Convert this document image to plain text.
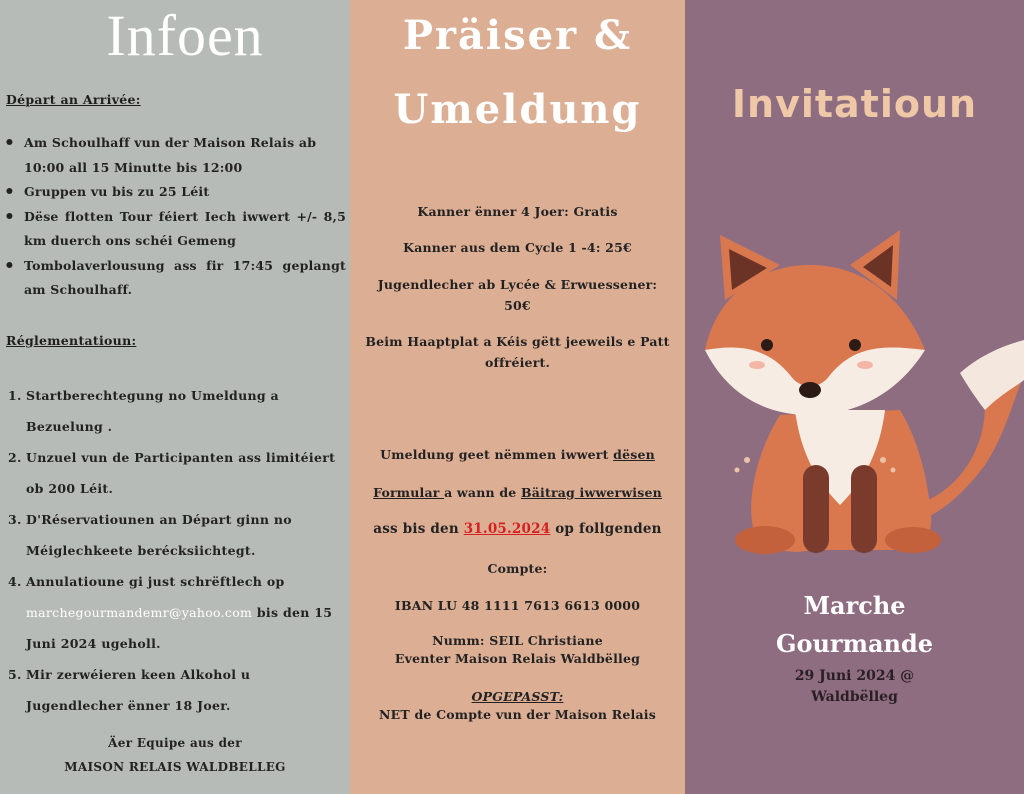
Infoen
Départ an Arrivée:
• Am Schoulhaff vun der Maison Relais ab 10:00 all 15 Minutte bis 12:00
• Gruppen vu bis zu 25 Léit
• Dëse flotten Tour féiert Iech iwwert +/- 8,5 km duerch ons schéi Gemeng
• Tombolaverlousung ass fir 17:45 geplangt am Schoulhaff.
Réglementatioun:
1. Startberechtegung no Umeldung a Bezuelung .
2. Unzuel vun de Participanten ass limitéiert ob 200 Léit.
3. D'Réservatiounen an Départ ginn no Méiglechkeete berécksiichtegt.
4. Annulatioune gi just schrëftlech op marchegourmandemr@yahoo.com bis den 15 Juni 2024 ugeholl.
5. Mir zerwéieren keen Alkohol u Jugendlecher ënner 18 Joer.
Äer Equipe aus der
MAISON RELAIS WALDBELLEG
Präiser &
Umeldung
Kanner ënner 4 Joer: Gratis
Kanner aus dem Cycle 1 -4: 25€
Jugendlecher ab Lycée & Erwuessener:
50€
Beim Haaptplat a Kéis gëtt jeeweils e Patt
offréiert.
Umeldung geet nëmmen iwwert dësen
Formular a wann de Bäitrag iwwerwisen
ass bis den 31.05.2024 op follgenden
Compte:
IBAN LU 48 1111 7613 6613 0000
Numm: SEIL Christiane
Eventer Maison Relais Waldbëlleg
OPGEPASST:
NET de Compte vun der Maison Relais
Invitatioun
Marche
Gourmande
29 Juni 2024 @
Waldbëlleg
